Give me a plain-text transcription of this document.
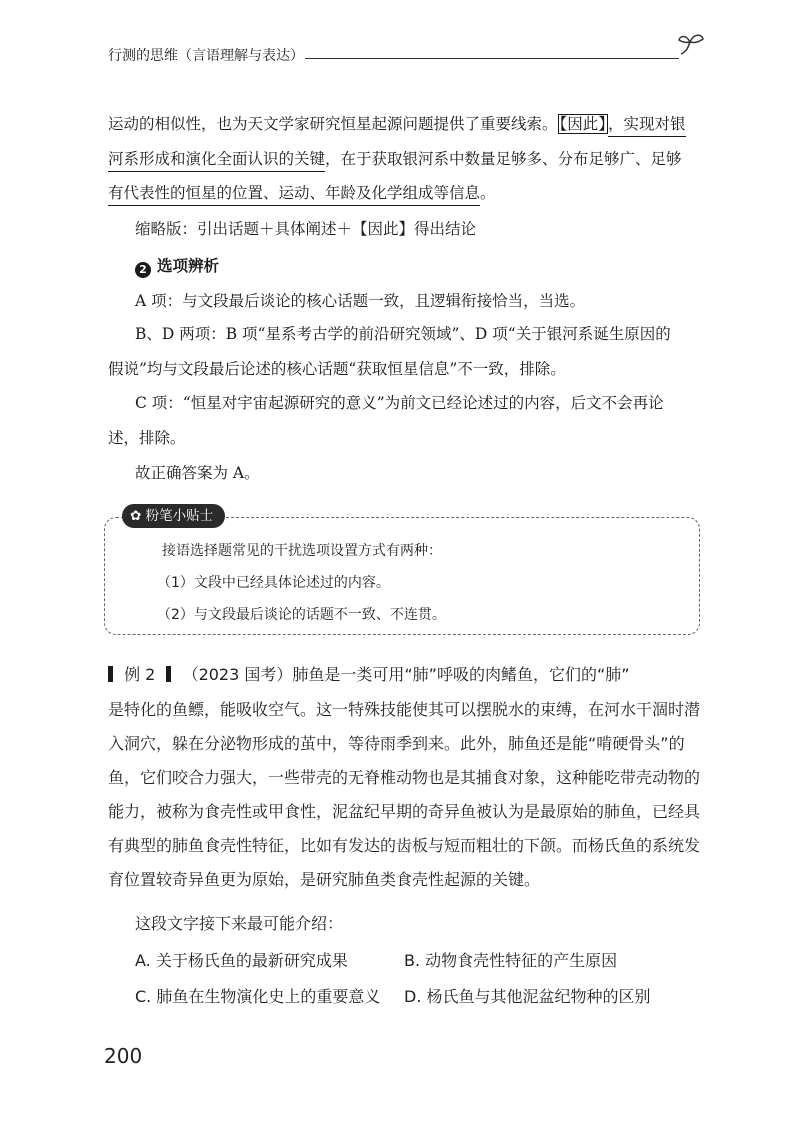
行测的思维（言语理解与表达）
运动的相似性，也为天文学家研究恒星起源问题提供了重要线索。 【因此】 ，实现对银
河系形成和演化全面认识的关键，在于获取银河系中数量足够多、分布足够广、足够
有代表性的恒星的位置、运动、年龄及化学组成等信息。
缩略版：引出话题＋具体阐述＋【因此】得出结论
2 选项辨析
A 项：与文段最后谈论的核心话题一致，且逻辑衔接恰当，当选。
B、D 两项：B 项“星系考古学的前沿研究领域”、D 项“关于银河系诞生原因的
假说”均与文段最后论述的核心话题“获取恒星信息”不一致，排除。
C 项：“恒星对宇宙起源研究的意义”为前文已经论述过的内容，后文不会再论
述，排除。
故正确答案为 A。
✿ 粉笔小贴士
接语选择题常见的干扰选项设置方式有两种：
（1）文段中已经具体论述过的内容。
（2）与文段最后谈论的话题不一致、不连贯。
例 2 （2023 国考）肺鱼是一类可用“肺”呼吸的肉鳍鱼，它们的“肺”
是特化的鱼鳔，能吸收空气。这一特殊技能使其可以摆脱水的束缚，在河水干涸时潜
入洞穴，躲在分泌物形成的茧中，等待雨季到来。此外，肺鱼还是能“啃硬骨头”的
鱼，它们咬合力强大，一些带壳的无脊椎动物也是其捕食对象，这种能吃带壳动物的
能力，被称为食壳性或甲食性，泥盆纪早期的奇异鱼被认为是最原始的肺鱼，已经具
有典型的肺鱼食壳性特征，比如有发达的齿板与短而粗壮的下颌。而杨氏鱼的系统发
育位置较奇异鱼更为原始，是研究肺鱼类食壳性起源的关键。
这段文字接下来最可能介绍：
A. 关于杨氏鱼的最新研究成果	B. 动物食壳性特征的产生原因
C. 肺鱼在生物演化史上的重要意义 D. 杨氏鱼与其他泥盆纪物种的区别
200
